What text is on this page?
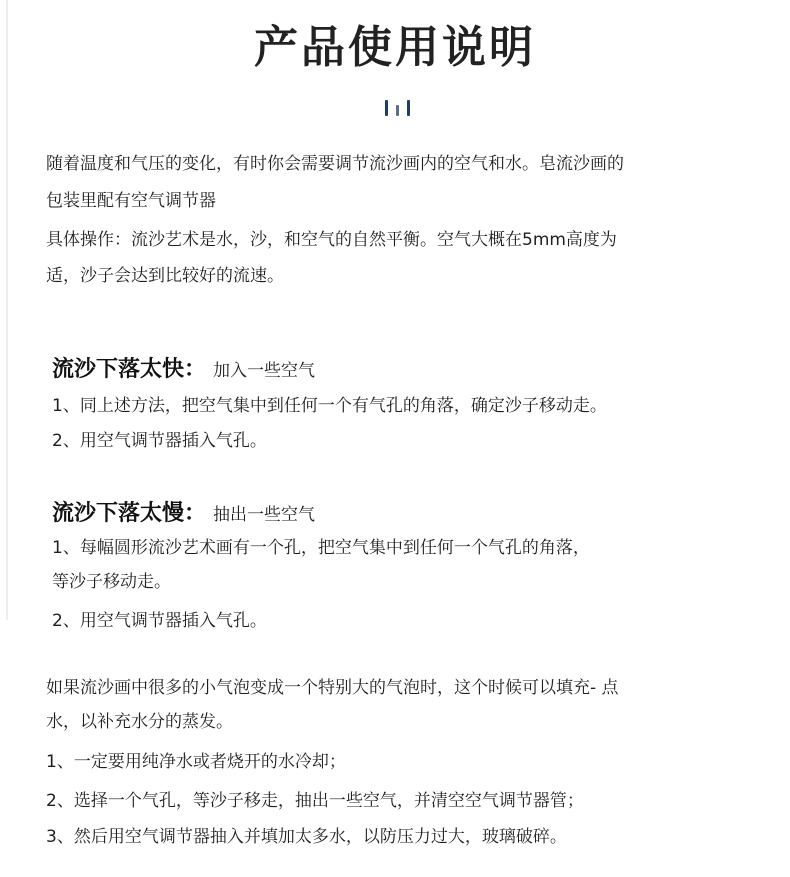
产品使用说明
随着温度和气压的变化，有时你会需要调节流沙画内的空气和水。皂流沙画的
包装里配有空气调节器
具体操作：流沙艺术是水，沙，和空气的自然平衡。空气大概在5mm高度为
适，沙子会达到比较好的流速。
流沙下落太快： 加入一些空气
1、同上述方法，把空气集中到任何一个有气孔的角落，确定沙子移动走。
2、用空气调节器插入气孔。
流沙下落太慢： 抽出一些空气
1、每幅圆形流沙艺术画有一个孔，把空气集中到任何一个气孔的角落，
等沙子移动走。
2、用空气调节器插入气孔。
如果流沙画中很多的小气泡变成一个特别大的气泡时，这个时候可以填充- 点
水，以补充水分的蒸发。
1、一定要用纯净水或者烧开的水冷却；
2、选择一个气孔，等沙子移走，抽出一些空气，并清空空气调节器管；
3、然后用空气调节器抽入并填加太多水，以防压力过大，玻璃破碎。
